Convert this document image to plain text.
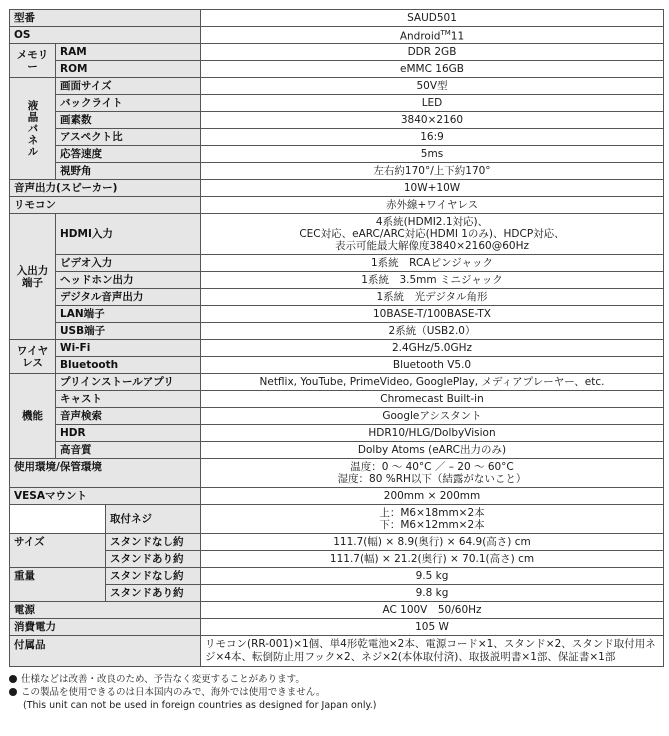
型番			SAUD501
OS			Android™11
メモリー	RAM		DDR 2GB
	ROM		eMMC 16GB

液晶パネル	画面サイズ		50V型
	バックライト		LED
	画素数		3840×2160
	アスペクト比		16:9
	応答速度		5ms
	視野角		左右約170°/上下約170°
音声出力(スピーカー)			10W+10W
リモコン			赤外線+ワイヤレス
入出力端子	HDMI入力		4系統(HDMI2.1対応)、
CEC対応、eARC/ARC対応(HDMI 1のみ)、HDCP対応、
表示可能最大解像度3840×2160@60Hz

	ビデオ入力		1系統　RCAピンジャック
	ヘッドホン出力		1系統　3.5mm ミニジャック
	デジタル音声出力		1系統　光デジタル角形
	LAN端子		10BASE-T/100BASE-TX
	USB端子		2系統（USB2.0）
ワイヤレス	Wi-Fi		2.4GHz/5.0GHz
	Bluetooth		Bluetooth V5.0
機能	プリインストールアプリ		Netflix, YouTube, PrimeVideo, GooglePlay, メディアプレーヤー、etc.
	キャスト		Chromecast Built-in
	音声検索		Googleアシスタント
	HDR		HDR10/HLG/DolbyVision
	高音質		Dolby Atoms (eARC出力のみ)
使用環境/保管環境			温度：0 ～ 40°C ／ – 20 ～ 60°C
湿度：80 %RH以下（結露がないこと）

VESAマウント			200mm × 200mm
		取付ネジ	上：M6×18mm×2本
下：M6×12mm×2本

サイズ		スタンドなし約	111.7(幅) × 8.9(奥行) × 64.9(高さ) cm
		スタンドあり約	111.7(幅) × 21.2(奥行) × 70.1(高さ) cm
重量		スタンドなし約	9.5 kg
		スタンドあり約	9.8 kg
電源			AC 100V　50/60Hz
消費電力			105 W
付属品			リモコン(RR-001)×1個、単4形乾電池×2本、電源コード×1、スタンド×2、スタンド取付用ネジ×4本、転倒防止用フック×2、ネジ×2(本体取付済)、取扱説明書×1部、保証書×1部
仕様などは改善・改良のため、予告なく変更することがあります。
この製品を使用できるのは日本国内のみで、海外では使用できません。
(This unit can not be used in foreign countries as designed for Japan only.)
